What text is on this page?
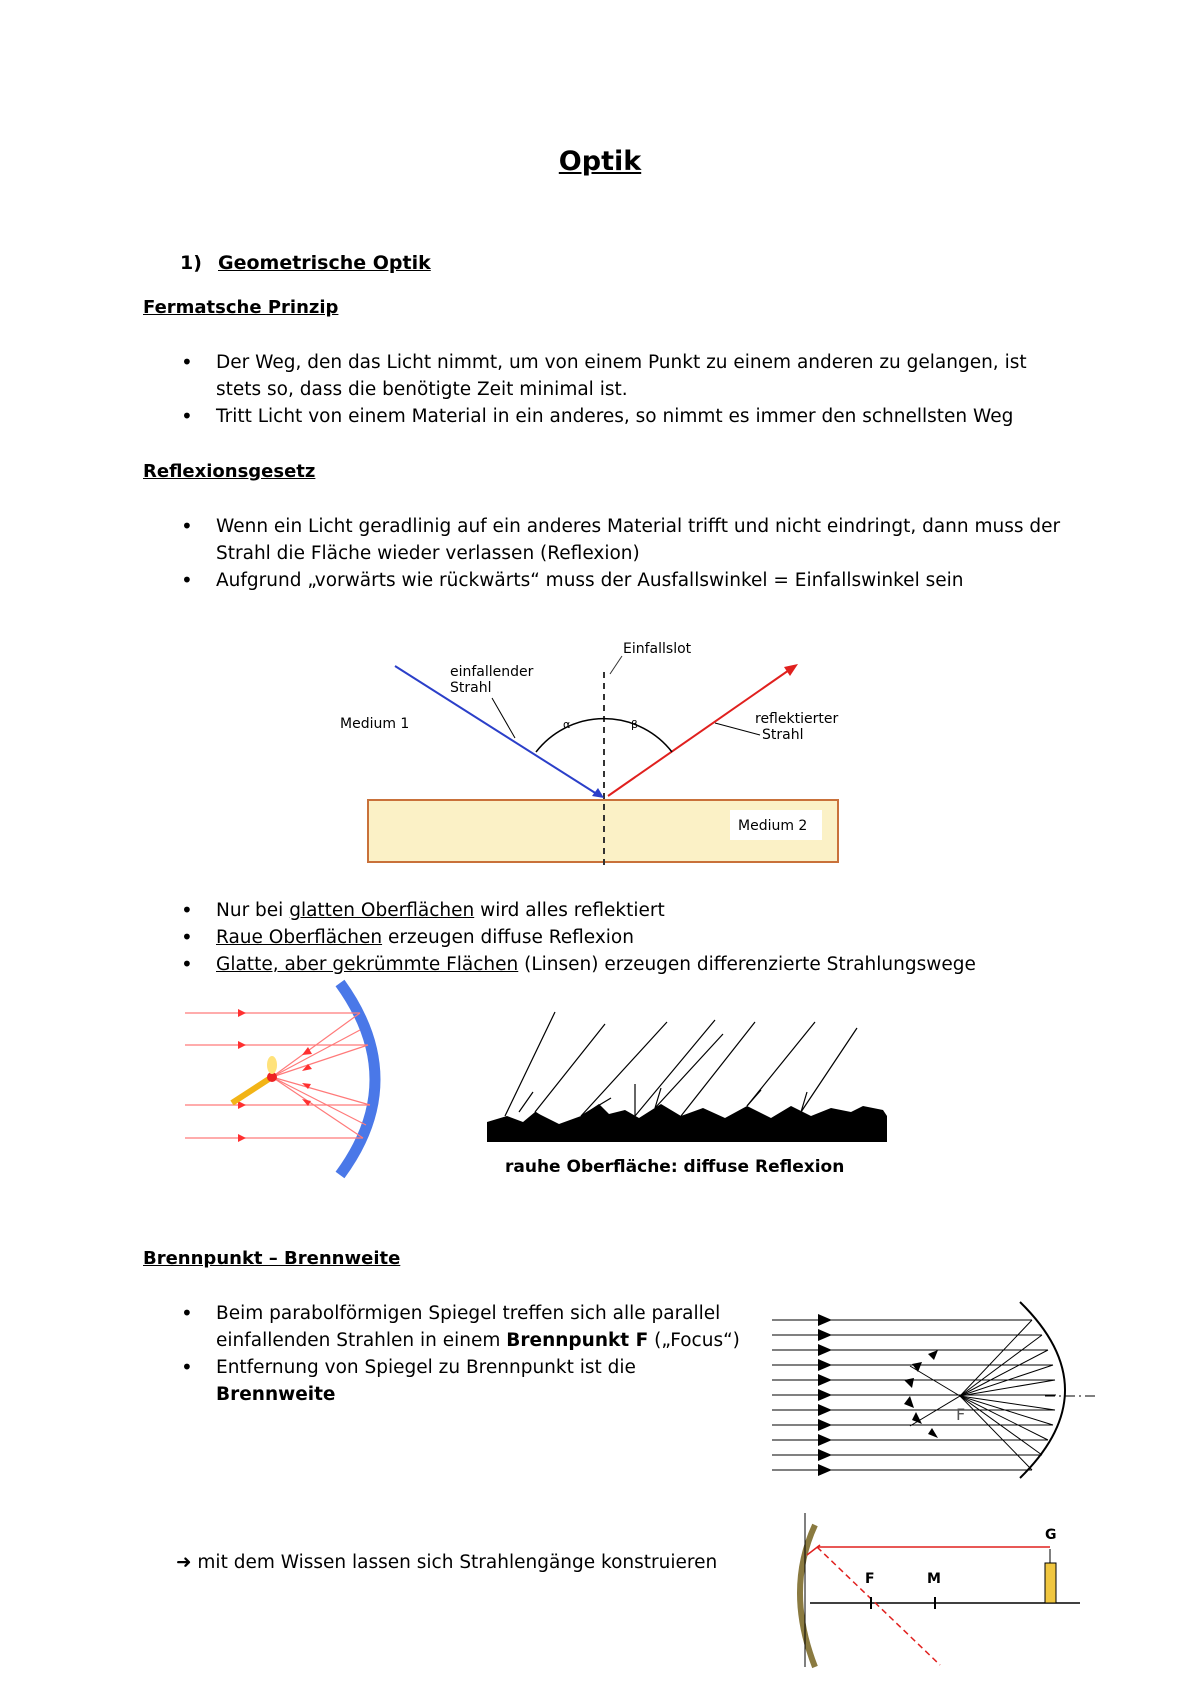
Optik
1) Geometrische Optik
Fermatsche Prinzip
• Der Weg, den das Licht nimmt, um von einem Punkt zu einem anderen zu gelangen, ist stets so, dass die benötigte Zeit minimal ist.
• Tritt Licht von einem Material in ein anderes, so nimmt es immer den schnellsten Weg
Reflexionsgesetz
• Wenn ein Licht geradlinig auf ein anderes Material trifft und nicht eindringt, dann muss der Strahl die Fläche wieder verlassen (Reflexion)
• Aufgrund „vorwärts wie rückwärts“ muss der Ausfallswinkel = Einfallswinkel sein
Medium 2
Einfallslot
α	β
einfallender
Strahl
Medium 1	reflektierter
Strahl
• Nur bei glatten Oberflächen wird alles reflektiert
• Raue Oberflächen erzeugen diffuse Reflexion
• Glatte, aber gekrümmte Flächen (Linsen) erzeugen differenzierte Strahlungswege
rauhe Oberfläche: diffuse Reflexion
Brennpunkt – Brennweite
• Beim parabolförmigen Spiegel treffen sich alle parallel einfallenden Strahlen in einem Brennpunkt F („Focus“)
• Entfernung von Spiegel zu Brennpunkt ist die Brennweite
F
➜ mit dem Wissen lassen sich Strahlengänge konstruieren
F	M
G
